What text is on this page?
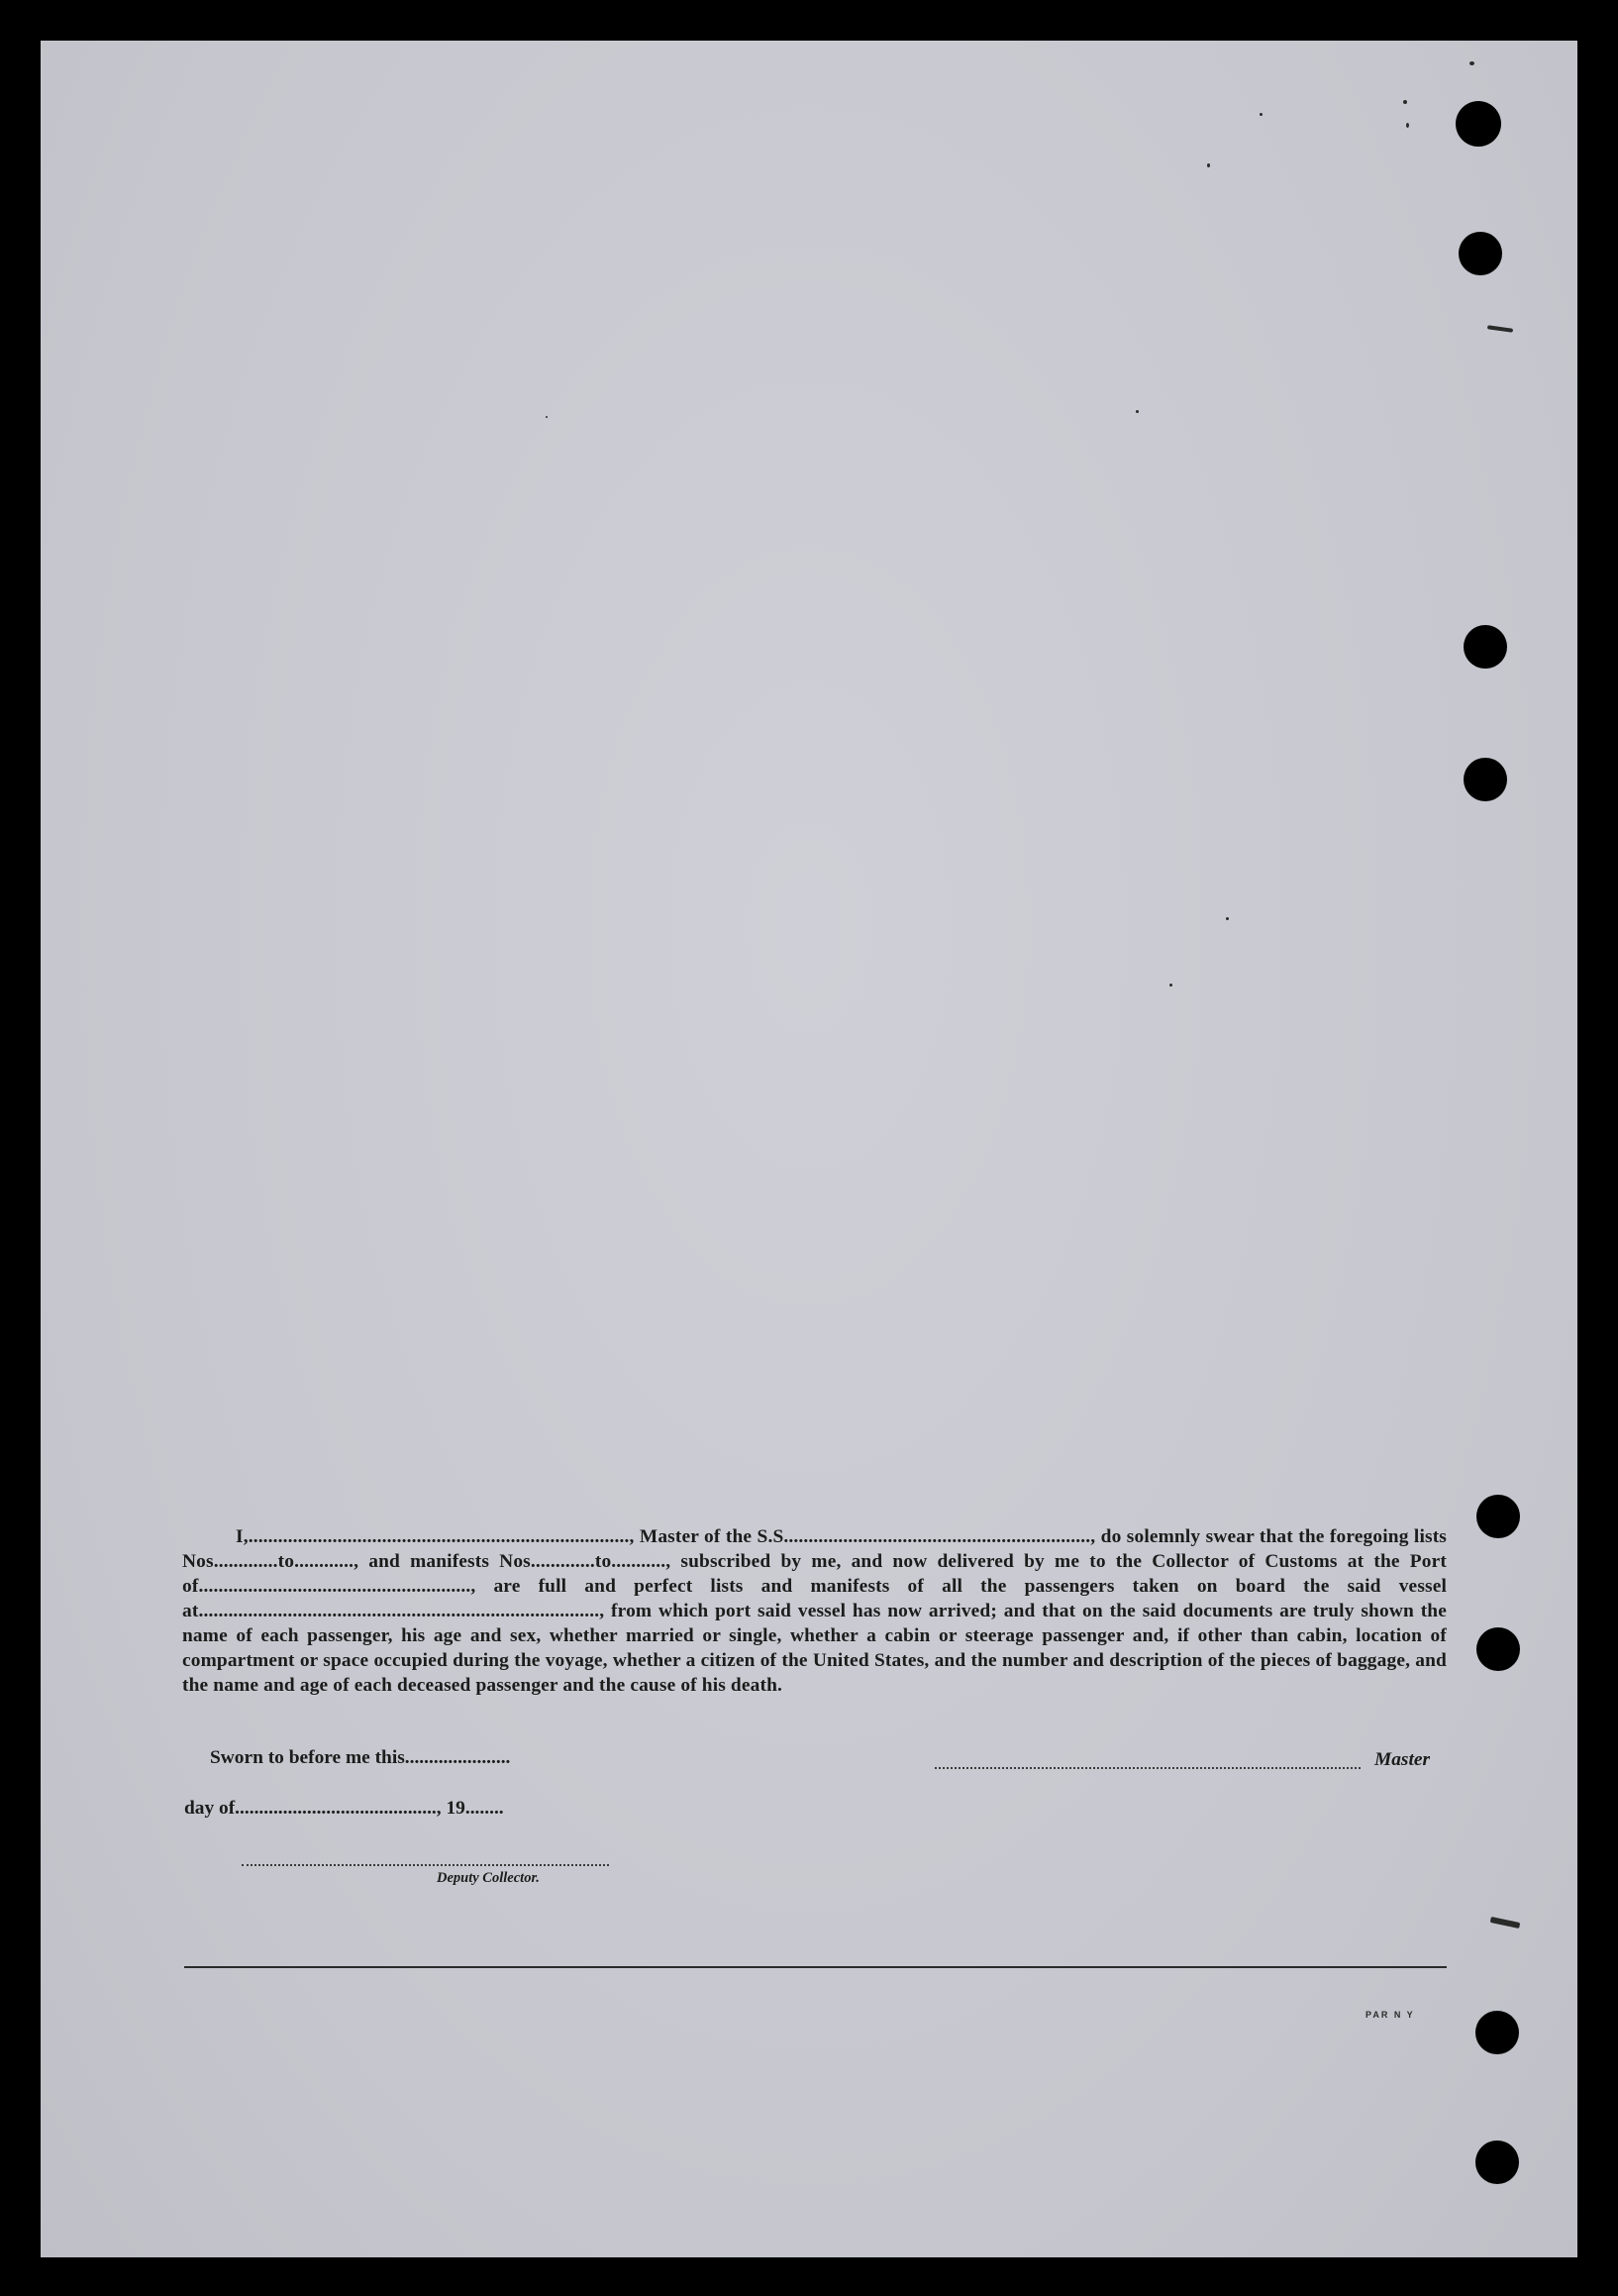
I,............................................................................., Master of the S.S.............................................................., do solemnly swear that the foregoing lists Nos.............to............, and manifests Nos.............to..........., subscribed by me, and now delivered by me to the Collector of Customs at the Port of......................................................., are full and perfect lists and manifests of all the passengers taken on board the said vessel at................................................................................., from which port said vessel has now arrived; and that on the said documents are truly shown the name of each passenger, his age and sex, whether married or single, whether a cabin or steerage passenger and, if other than cabin, location of compartment or space occupied during the voyage, whether a citizen of the United States, and the number and description of the pieces of baggage, and the name and age of each deceased passenger and the cause of his death.

Sworn to before me this......................	Master
day of.........................................., 19........
Deputy Collector.
PAR N Y
